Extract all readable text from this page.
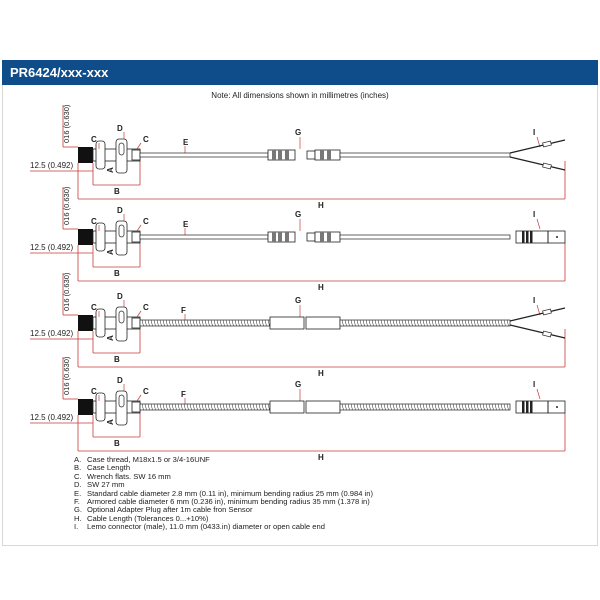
PR6424/xxx-xxx
Note: All dimensions shown in millimetres (inches)
016 (0.630)
12.5 (0.492)
B
A
H
C
D
C	E
G	I
016 (0.630)
12.5 (0.492)
B
A
H
C
D
C	E
G	I
016 (0.630)
12.5 (0.492)
B
A
H
C
D
C	F
G	I
016 (0.630)
12.5 (0.492)
B
A
H
C
D
C	F
G	I
A. Case thread, M18x1.5 or 3/4-16UNF
B. Case Length
C. Wrench flats. SW 16 mm
D. SW 27 mm
E. Standard cable diameter 2.8 mm (0.11 in), minimum bending radius 25 mm (0.984 in)
F. Armored cable diameter 6 mm (0.236 in), minimum bending radius 35 mm (1.378 in)
G. Optional Adapter Plug after 1m cable fron Sensor
H. Cable Length (Tolerances 0...+10%)
I.	Lemo connector (male), 11.0 mm (0433.in) diameter or open cable end
